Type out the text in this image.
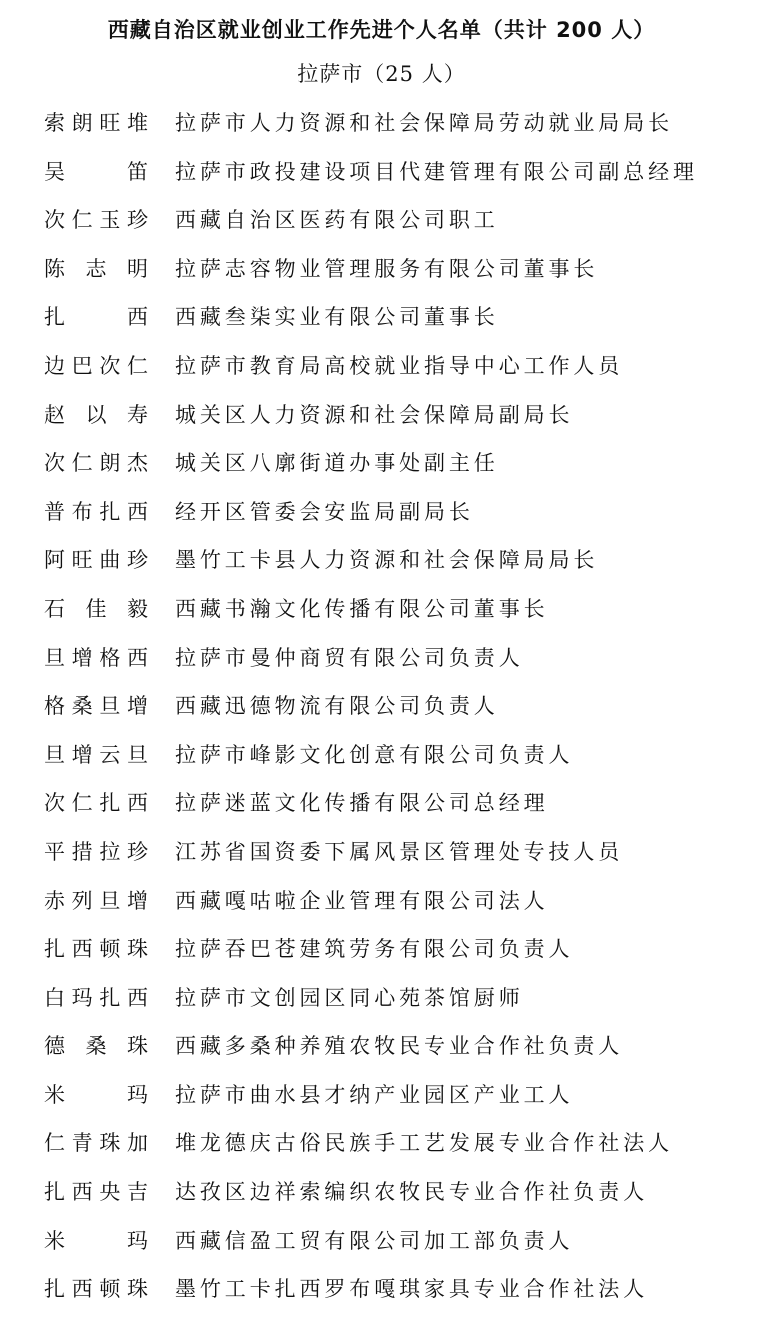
西藏自治区就业创业工作先进个人名单（共计 200 人）
拉萨市（25 人）
索朗旺堆 拉萨市人力资源和社会保障局劳动就业局局长
吴 笛 拉萨市政投建设项目代建管理有限公司副总经理
次仁玉珍 西藏自治区医药有限公司职工
陈 志 明 拉萨志容物业管理服务有限公司董事长
扎 西 西藏叁柒实业有限公司董事长
边巴次仁 拉萨市教育局高校就业指导中心工作人员
赵 以 寿 城关区人力资源和社会保障局副局长
次仁朗杰 城关区八廓街道办事处副主任
普布扎西 经开区管委会安监局副局长
阿旺曲珍 墨竹工卡县人力资源和社会保障局局长
石 佳 毅 西藏书瀚文化传播有限公司董事长
旦增格西 拉萨市曼仲商贸有限公司负责人
格桑旦增 西藏迅德物流有限公司负责人
旦增云旦 拉萨市峰影文化创意有限公司负责人
次仁扎西 拉萨迷蓝文化传播有限公司总经理
平措拉珍 江苏省国资委下属风景区管理处专技人员
赤列旦增 西藏嘎咕啦企业管理有限公司法人
扎西顿珠 拉萨吞巴苍建筑劳务有限公司负责人
白玛扎西 拉萨市文创园区同心苑茶馆厨师
德 桑 珠 西藏多桑种养殖农牧民专业合作社负责人
米 玛 拉萨市曲水县才纳产业园区产业工人
仁青珠加 堆龙德庆古俗民族手工艺发展专业合作社法人
扎西央吉 达孜区边祥索编织农牧民专业合作社负责人
米 玛 西藏信盈工贸有限公司加工部负责人
扎西顿珠 墨竹工卡扎西罗布嘎琪家具专业合作社法人
